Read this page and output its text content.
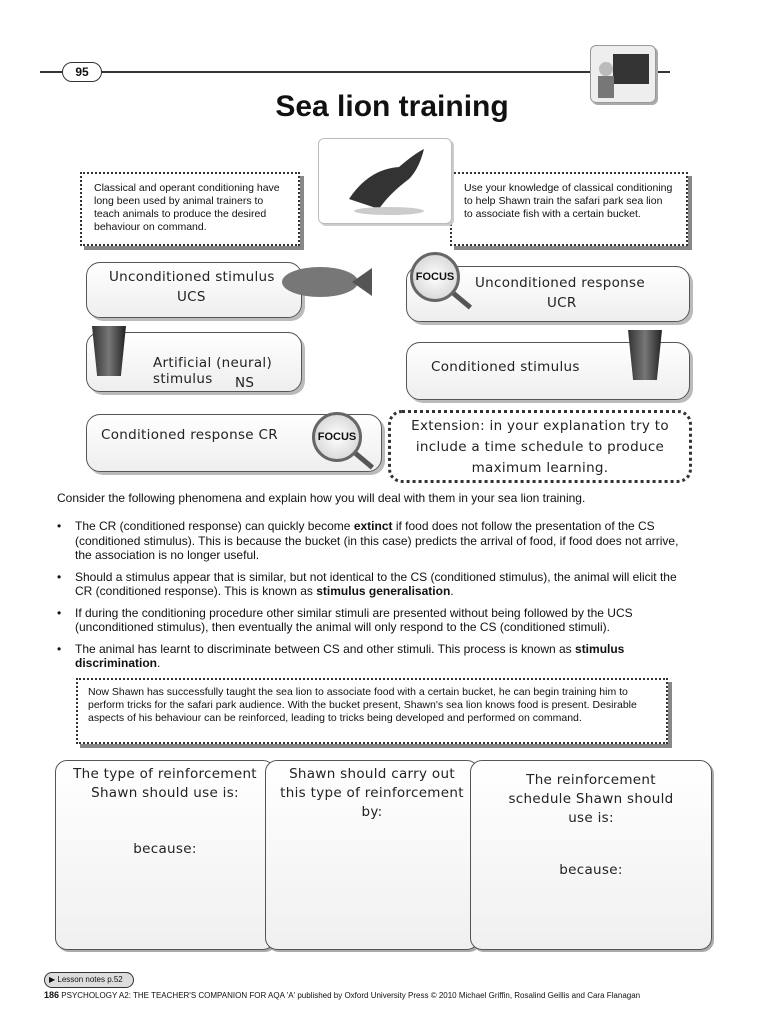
95
Sea lion training
Classical and operant conditioning have long been used by animal trainers to teach animals to produce the desired behaviour on command.
Use your knowledge of classical conditioning to help Shawn train the safari park sea lion to associate fish with a certain bucket.
Unconditioned stimulus
UCS
Unconditioned response
UCR
FOCUS
Artificial (neural) stimulus	NS
Conditioned stimulus
Conditioned response CR	FOCUS
Extension: in your explanation try to include a time schedule to produce maximum learning.
Consider the following phenomena and explain how you will deal with them in your sea lion training.
• The CR (conditioned response) can quickly become extinct if food does not follow the presentation of the CS (conditioned stimulus). This is because the bucket (in this case) predicts the arrival of food, if food does not arrive, the association is no longer useful.
• Should a stimulus appear that is similar, but not identical to the CS (conditioned stimulus), the animal will elicit the CR (conditioned response). This is known as stimulus generalisation.
• If during the conditioning procedure other similar stimuli are presented without being followed by the UCS (unconditioned stimulus), then eventually the animal will only respond to the CS (conditioned stimuli).
• The animal has learnt to discriminate between CS and other stimuli. This process is known as stimulus discrimination.
Now Shawn has successfully taught the sea lion to associate food with a certain bucket, he can begin training him to perform tricks for the safari park audience. With the bucket present, Shawn's sea lion knows food is present. Desirable aspects of his behaviour can be reinforced, leading to tricks being developed and performed on command.
The type of reinforcement Shawn should use is:
because:
Shawn should carry out this type of reinforcement by:
The reinforcement schedule Shawn should use is:
because:
▶ Lesson notes p.52
186 PSYCHOLOGY A2: THE TEACHER'S COMPANION FOR AQA 'A' published by Oxford University Press © 2010 Michael Griffin, Rosalind Geillis and Cara Flanagan
